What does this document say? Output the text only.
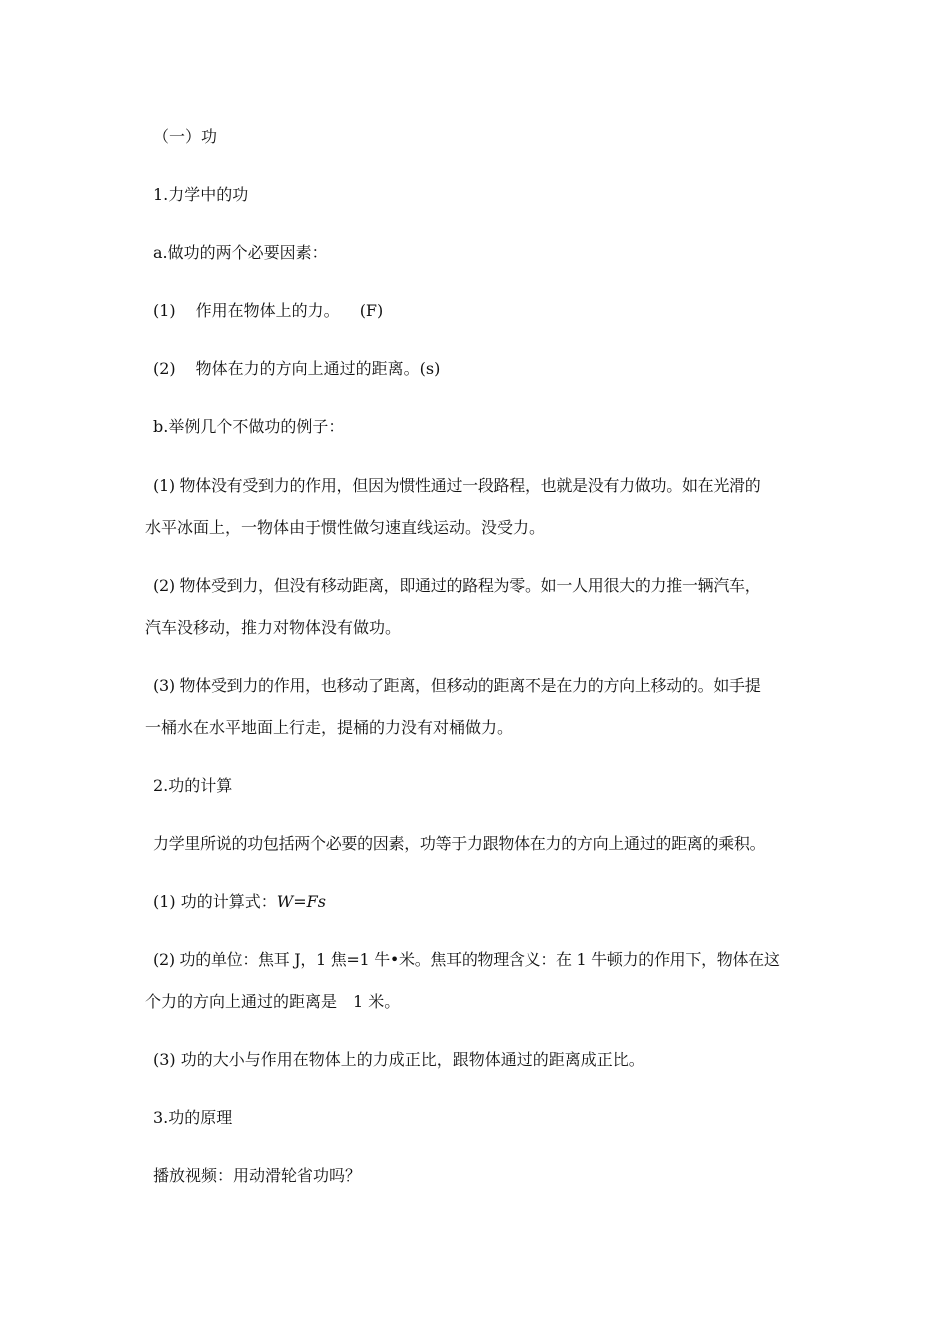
（一）功
1.力学中的功
a.做功的两个必要因素：
(1) 作用在物体上的力。 (F)
(2) 物体在力的方向上通过的距离。(s)
b.举例几个不做功的例子：
(1) 物体没有受到力的作用，但因为惯性通过一段路程，也就是没有力做功。如在光滑的
水平冰面上，一物体由于惯性做匀速直线运动。没受力。
(2) 物体受到力，但没有移动距离，即通过的路程为零。如一人用很大的力推一辆汽车，
汽车没移动，推力对物体没有做功。
(3) 物体受到力的作用，也移动了距离，但移动的距离不是在力的方向上移动的。如手提
一桶水在水平地面上行走，提桶的力没有对桶做力。
2.功的计算
力学里所说的功包括两个必要的因素，功等于力跟物体在力的方向上通过的距离的乘积。
(1) 功的计算式：W=Fs
(2) 功的单位：焦耳 J，1 焦=1 牛•米。焦耳的物理含义：在 1 牛顿力的作用下，物体在这
个力的方向上通过的距离是　1 米。
(3) 功的大小与作用在物体上的力成正比，跟物体通过的距离成正比。
3.功的原理
播放视频：用动滑轮省功吗？
